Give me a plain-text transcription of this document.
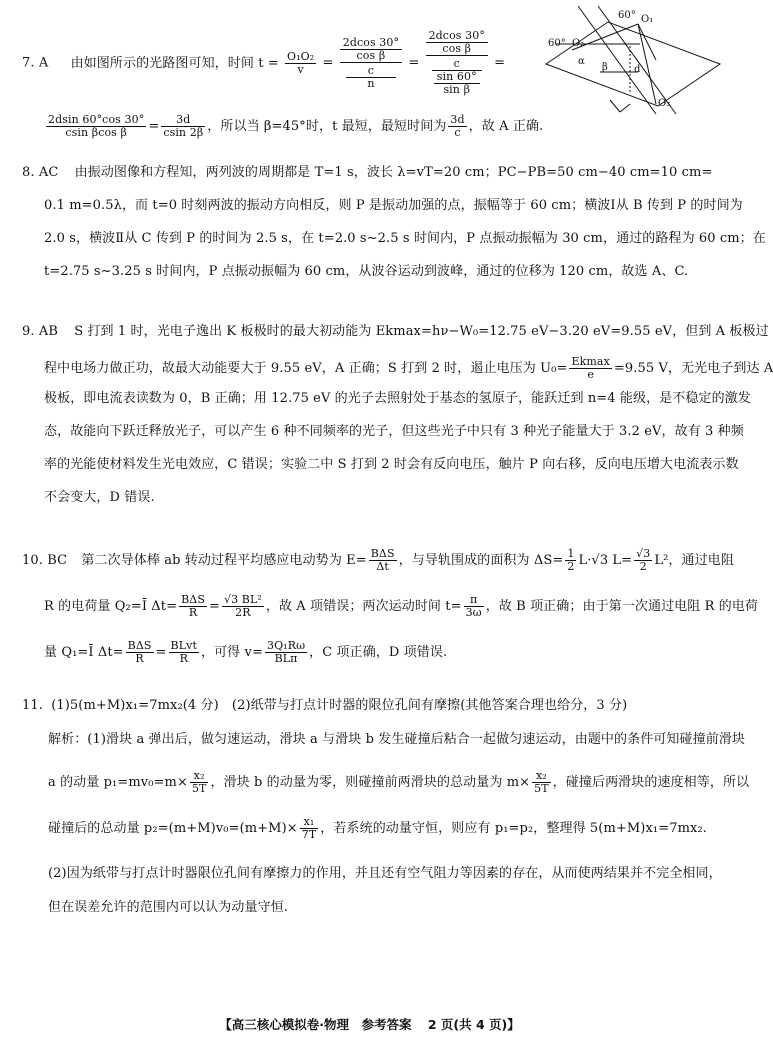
7. A 由如图所示的光路图可知，时间 $t = \frac{\text{O₁O₂}}{v}$ =
2dcos 30°
cos β
c
n
=
2dcos 30°
cos β
c
sin 60°
sin β
=
$\frac{2dsin 60^\circ\cos 30^\circ}{\text{csin βcos β}} = \frac{3d}{csin 2\beta}$ ，所以当 β=45°时，t 最短，最短时间为 $\frac{3d}{c}$ ，故 A 正确.
O₁
O₂
O₃
60°
60°
α
β	d
8. AC 由振动图像和方程知，两列波的周期都是 T=1 s，波长 λ=vT=20 cm；PC−PB=50 cm−40 cm=10 cm=
0.1 m=0.5λ，而 t=0 时刻两波的振动方向相反，则 P 是振动加强的点，振幅等于 60 cm；横波Ⅰ从 B 传到 P 的时间为
2.0 s，横波Ⅱ从 C 传到 P 的时间为 2.5 s，在 t=2.0 s~2.5 s 时间内，P 点振动振幅为 30 cm，通过的路程为 60 cm；在
t=2.75 s~3.25 s 时间内，P 点振动振幅为 60 cm，从波谷运动到波峰，通过的位移为 120 cm，故选 A、C.
9. AB S 打到 1 时，光电子逸出 K 板极时的最大初动能为 Ekmax=hν−W₀=12.75 eV−3.20 eV=9.55 eV，但到 A 板极过
程中电场力做正功，故最大动能要大于 9.55 eV，A 正确；S 打到 2 时，遏止电压为 $U_0= \frac{Ekmax}{e} =9.55$ V，无光电子到达 A
极板，即电流表读数为 0，B 正确；用 12.75 eV 的光子去照射处于基态的氢原子，能跃迁到 n=4 能级，是不稳定的激发
态，故能向下跃迁释放光子，可以产生 6 种不同频率的光子，但这些光子中只有 3 种光子能量大于 3.2 eV，故有 3 种频
率的光能使材料发生光电效应，C 错误；实验二中 S 打到 2 时会有反向电压，触片 P 向右移，反向电压增大电流表示数
不会变大，D 错误.
10. BC 第二次导体棒 ab 转动过程平均感应电动势为 $E= \frac{\text{BΔS}}{\Delta t}$ ，与导轨围成的面积为 $\Delta S= \frac{1}{2} L\cdot√3$ $L= \frac{√3}{2} L^2$，通过电阻
R 的电荷量 Q₂=Ī $\Delta t= \frac{\text{BΔS}}{R} = \frac{\text{√3 BL²}}{2R}$ ，故 A 项错误；两次运动时间 $t= \frac{\pi}{3\omega}$ ，故 B 项正确；由于第一次通过电阻 R 的电荷
量 Q₁=Ī $\Delta t= \frac{\text{BΔS}}{R} = \frac{\text{BLvt}}{R}$ ，可得 $v= \frac{\text{3Q₁Rω}}{\text{BLπ}}$ ，C 项正确，D 项错误.
11. (1)5(m+M)x₁=7mx₂(4 分)　(2)纸带与打点计时器的限位孔间有摩擦(其他答案合理也给分，3 分)
解析：(1)滑块 a 弹出后，做匀速运动，滑块 a 与滑块 b 发生碰撞后粘合一起做匀速运动，由题中的条件可知碰撞前滑块
a 的动量 $p_1=mv_0=m\times \frac{\text{x₂}}{5T}$ ，滑块 b 的动量为零，则碰撞前两滑块的总动量为 $m\times \frac{\text{x₂}}{5T}$ ，碰撞后两滑块的速度相等，所以
碰撞后的总动量 $p_2=(m+M)v_0=(m+M)\times \frac{\text{x₁}}{7T}$ ，若系统的动量守恒，则应有 p₁=p₂，整理得 5(m+M)x₁=7mx₂.
(2)因为纸带与打点计时器限位孔间有摩擦力的作用，并且还有空气阻力等因素的存在，从而使两结果并不完全相同，
但在误差允许的范围内可以认为动量守恒.
【高三核心模拟卷·物理　参考答案 2 页(共 4 页)】
